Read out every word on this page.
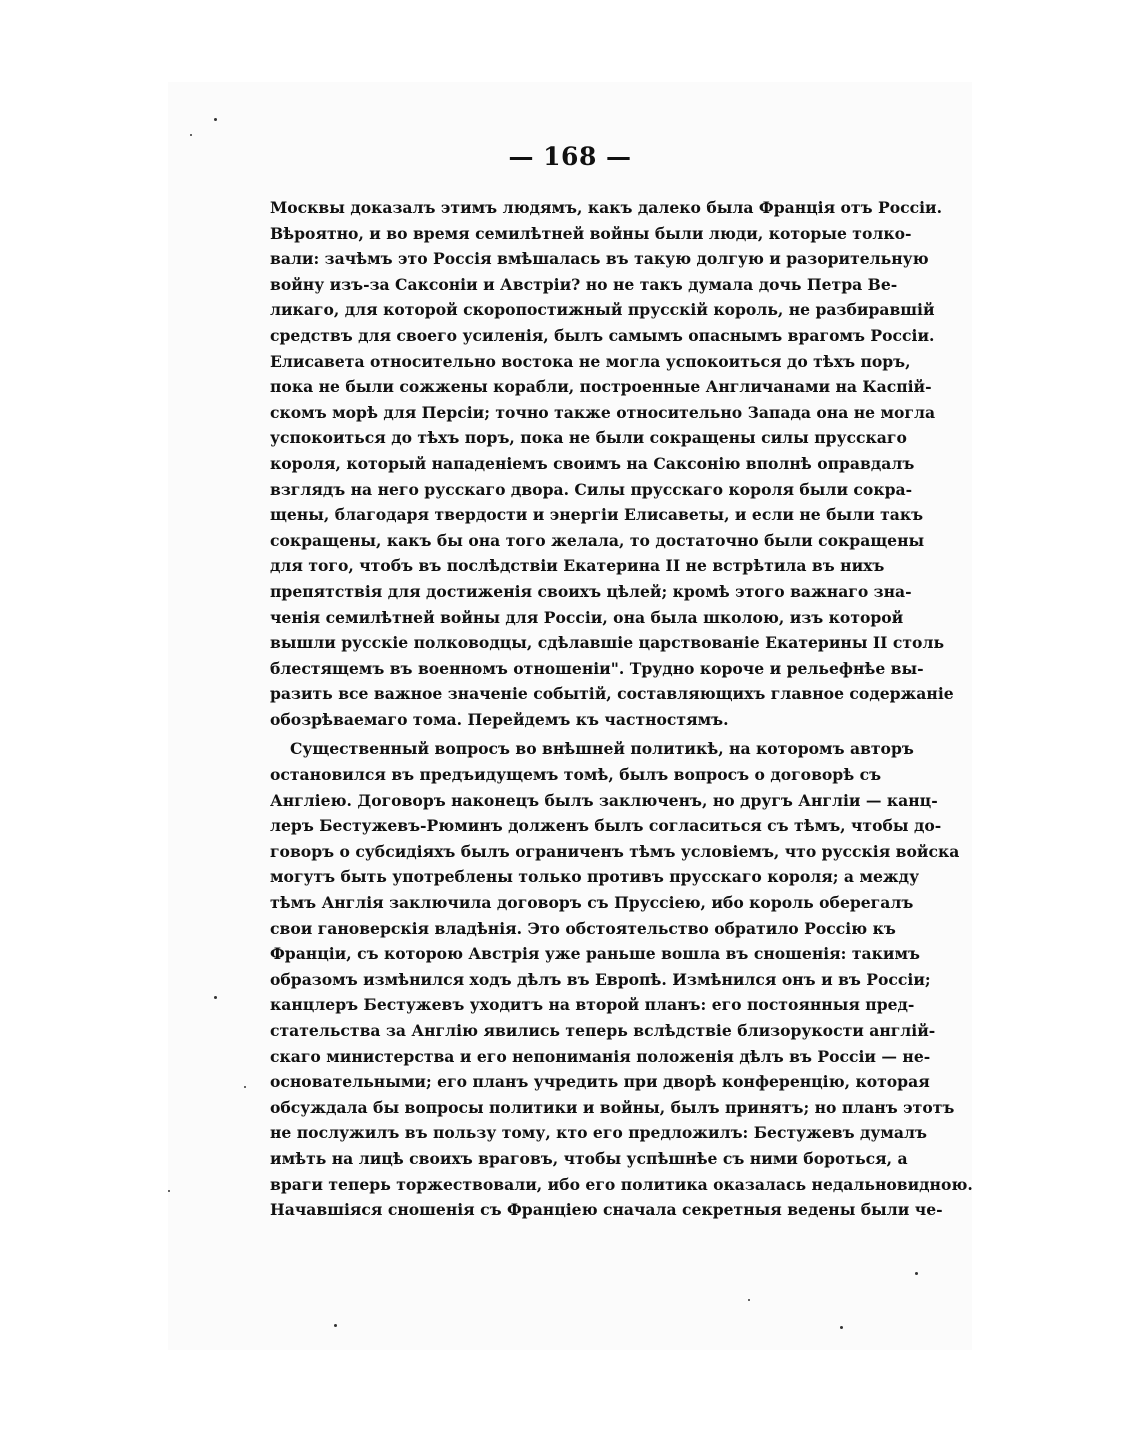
— 168 —
Москвы доказалъ этимъ людямъ, какъ далеко была Франція отъ Россіи.
Вѣроятно, и во время семилѣтней войны были люди, которые толко-
вали: зачѣмъ это Россія вмѣшалась въ такую долгую и разорительную
войну изъ-за Саксоніи и Австріи? но не такъ думала дочь Петра Ве-
ликаго, для которой скоропостижный прусскій король, не разбиравшій
средствъ для своего усиленія, былъ самымъ опаснымъ врагомъ Россіи.
Елисавета относительно востока не могла успокоиться до тѣхъ поръ,
пока не были сожжены корабли, построенные Англичанами на Каспій-
скомъ морѣ для Персіи; точно также относительно Запада она не могла
успокоиться до тѣхъ поръ, пока не были сокращены силы прусскаго
короля, который нападеніемъ своимъ на Саксонію вполнѣ оправдалъ
взглядъ на него русскаго двора. Силы прусскаго короля были сокра-
щены, благодаря твердости и энергіи Елисаветы, и если не были такъ
сокращены, какъ бы она того желала, то достаточно были сокращены
для того, чтобъ въ послѣдствіи Екатерина II не встрѣтила въ нихъ
препятствія для достиженія своихъ цѣлей; кромѣ этого важнаго зна-
ченія семилѣтней войны для Россіи, она была школою, изъ которой
вышли русскіе полководцы, сдѣлавшіе царствованіе Екатерины II столь
блестящемъ въ военномъ отношеніи". Трудно короче и рельефнѣе вы-
разить все важное значеніе событій, составляющихъ главное содержаніе
обозрѣваемаго тома. Перейдемъ къ частностямъ.
Существенный вопросъ во внѣшней политикѣ, на которомъ авторъ
остановился въ предъидущемъ томѣ, былъ вопросъ о договорѣ съ
Англіею. Договоръ наконецъ былъ заключенъ, но другъ Англіи — канц-
леръ Бестужевъ-Рюминъ долженъ былъ согласиться съ тѣмъ, чтобы до-
говоръ о субсидіяхъ былъ ограниченъ тѣмъ условіемъ, что русскія войска
могутъ быть употреблены только противъ прусскаго короля; а между
тѣмъ Англія заключила договоръ съ Пруссіею, ибо король оберегалъ
свои гановерскія владѣнія. Это обстоятельство обратило Россію къ
Франціи, съ которою Австрія уже раньше вошла въ сношенія: такимъ
образомъ измѣнился ходъ дѣлъ въ Европѣ. Измѣнился онъ и въ Россіи;
канцлеръ Бестужевъ уходитъ на второй планъ: его постоянныя пред-
стательства за Англію явились теперь вслѣдствіе близорукости англій-
скаго министерства и его непониманія положенія дѣлъ въ Россіи — не-
основательными; его планъ учредить при дворѣ конференцію, которая
обсуждала бы вопросы политики и войны, былъ принятъ; но планъ этотъ
не послужилъ въ пользу тому, кто его предложилъ: Бестужевъ думалъ
имѣть на лицѣ своихъ враговъ, чтобы успѣшнѣе съ ними бороться, а
враги теперь торжествовали, ибо его политика оказалась недальновидною.
Начавшіяся сношенія съ Франціею сначала секретныя ведены были че-
